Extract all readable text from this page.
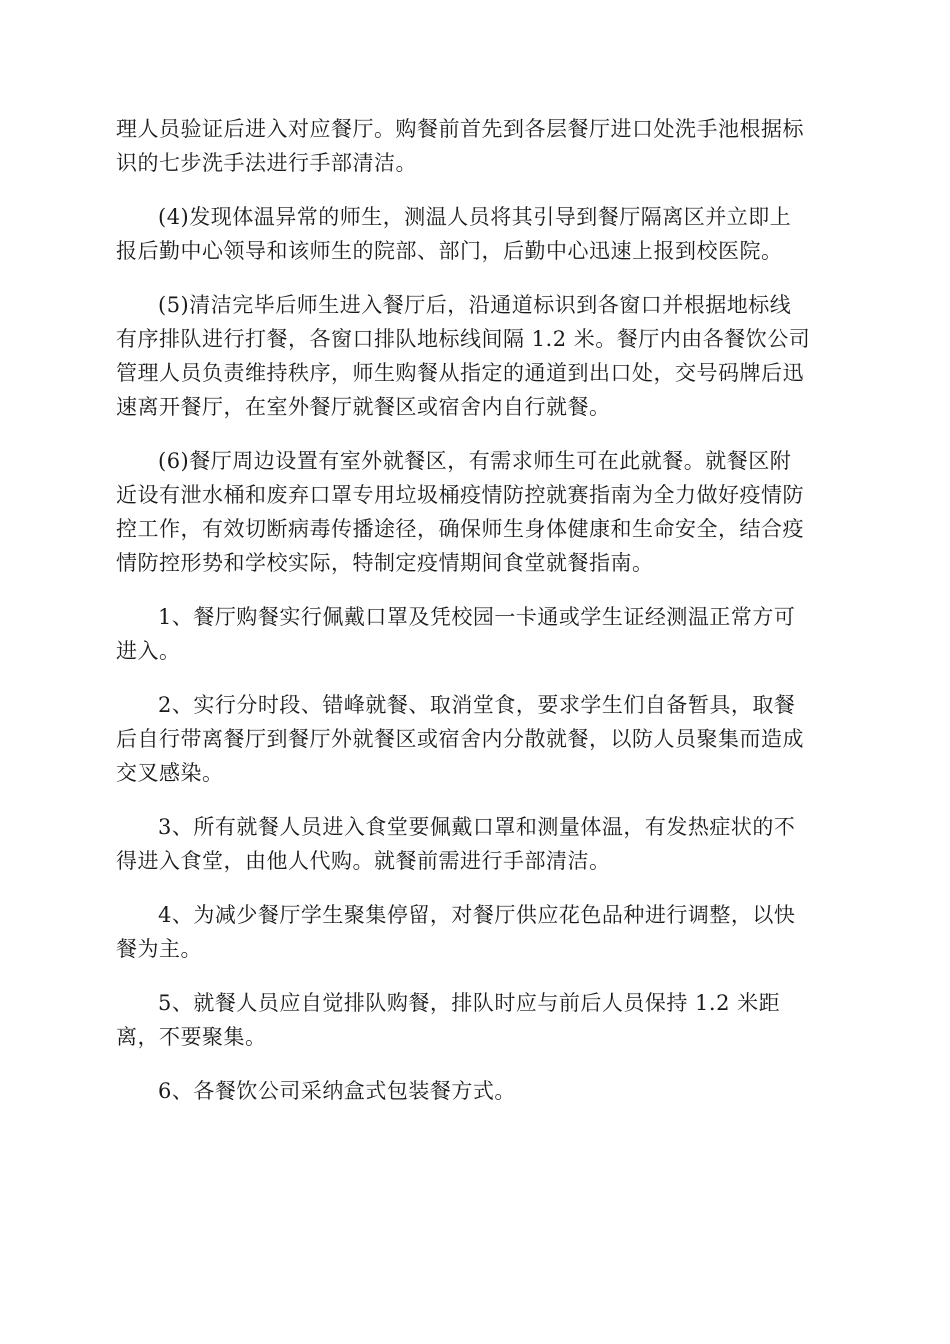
理人员验证后进入对应餐厅。购餐前首先到各层餐厅进口处洗手池根据标
识的七步洗手法进行手部清洁。
(4)发现体温异常的师生，测温人员将其引导到餐厅隔离区并立即上
报后勤中心领导和该师生的院部、部门，后勤中心迅速上报到校医院。
(5)清洁完毕后师生进入餐厅后，沿通道标识到各窗口并根据地标线
有序排队进行打餐，各窗口排队地标线间隔 1.2 米。餐厅内由各餐饮公司
管理人员负责维持秩序，师生购餐从指定的通道到出口处，交号码牌后迅
速离开餐厅，在室外餐厅就餐区或宿舍内自行就餐。
(6)餐厅周边设置有室外就餐区，有需求师生可在此就餐。就餐区附
近设有泄水桶和废弃口罩专用垃圾桶疫情防控就赛指南为全力做好疫情防
控工作，有效切断病毒传播途径，确保师生身体健康和生命安全，结合疫
情防控形势和学校实际，特制定疫情期间食堂就餐指南。
1、餐厅购餐实行佩戴口罩及凭校园一卡通或学生证经测温正常方可
进入。
2、实行分时段、错峰就餐、取消堂食，要求学生们自备暂具，取餐
后自行带离餐厅到餐厅外就餐区或宿舍内分散就餐，以防人员聚集而造成
交叉感染。
3、所有就餐人员进入食堂要佩戴口罩和测量体温，有发热症状的不
得进入食堂，由他人代购。就餐前需进行手部清洁。
4、为减少餐厅学生聚集停留，对餐厅供应花色品种进行调整，以快
餐为主。
5、就餐人员应自觉排队购餐，排队时应与前后人员保持 1.2 米距
离，不要聚集。
6、各餐饮公司采纳盒式包装餐方式。
